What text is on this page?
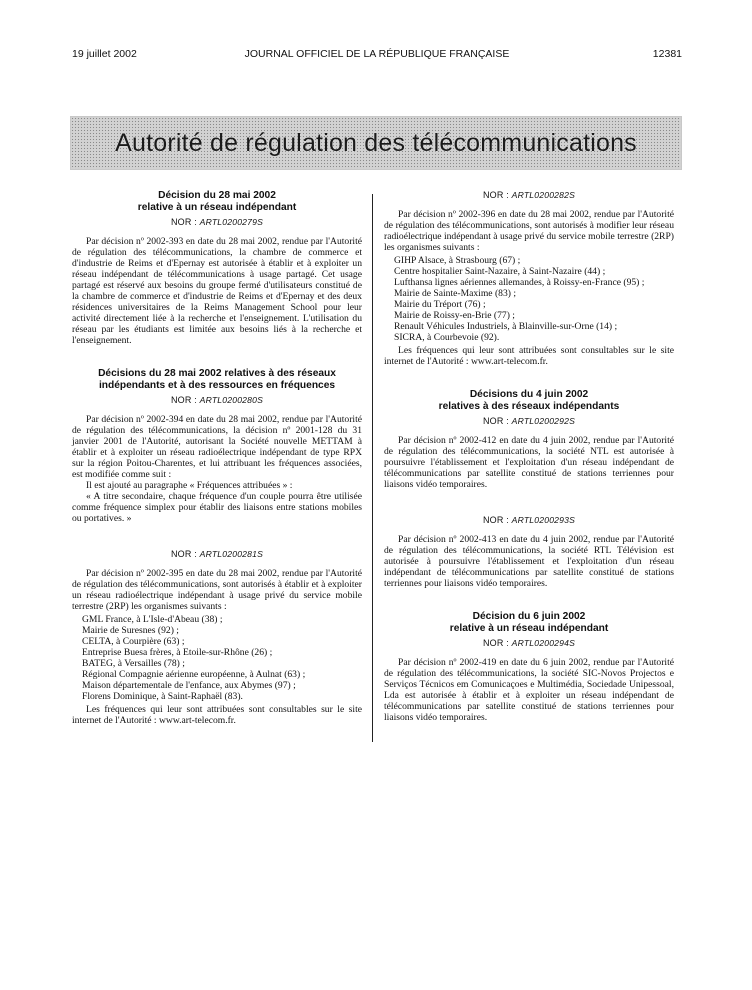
19 juillet 2002	JOURNAL OFFICIEL DE LA RÉPUBLIQUE FRANÇAISE	12381
Autorité de régulation des télécommunications
Décision du 28 mai 2002
relative à un réseau indépendant
NOR : ARTL0200279S

Par décision nº 2002-393 en date du 28 mai 2002, rendue par l'Autorité de régulation des télécommunications, la chambre de commerce et d'industrie de Reims et d'Epernay est autorisée à établir et à exploiter un réseau indépendant de télécommunications à usage partagé. Cet usage partagé est réservé aux besoins du groupe fermé d'utilisateurs constitué de la chambre de commerce et d'industrie de Reims et d'Epernay et des deux résidences universitaires de la Reims Management School pour leur activité directement liée à la recherche et l'enseignement. L'utilisation du réseau par les étudiants est limitée aux besoins liés à la recherche et l'enseignement.

Décisions du 28 mai 2002 relatives à des réseaux
indépendants et à des ressources en fréquences
NOR : ARTL0200280S

Par décision nº 2002-394 en date du 28 mai 2002, rendue par l'Autorité de régulation des télécommunications, la décision nº 2001-128 du 31 janvier 2001 de l'Autorité, autorisant la Société nouvelle METTAM à établir et à exploiter un réseau radioélectrique indépendant de type RPX sur la région Poitou-Charentes, et lui attribuant les fréquences associées, est modifiée comme suit :

Il est ajouté au paragraphe « Fréquences attribuées » :

« A titre secondaire, chaque fréquence d'un couple pourra être utilisée comme fréquence simplex pour établir des liaisons entre stations mobiles ou portatives. »

NOR : ARTL0200281S

Par décision nº 2002-395 en date du 28 mai 2002, rendue par l'Autorité de régulation des télécommunications, sont autorisés à établir et à exploiter un réseau radioélectrique indépendant à usage privé du service mobile terrestre (2RP) les organismes suivants :

GML France, à L'Isle-d'Abeau (38) ;
Mairie de Suresnes (92) ;
CELTA, à Courpière (63) ;
Entreprise Buesa frères, à Etoile-sur-Rhône (26) ;
BATEG, à Versailles (78) ;
Régional Compagnie aérienne européenne, à Aulnat (63) ;
Maison départementale de l'enfance, aux Abymes (97) ;
Florens Dominique, à Saint-Raphaël (83).

Les fréquences qui leur sont attribuées sont consultables sur le site internet de l'Autorité : www.art-telecom.fr.

NOR : ARTL0200282S

Par décision nº 2002-396 en date du 28 mai 2002, rendue par l'Autorité de régulation des télécommunications, sont autorisés à modifier leur réseau radioélectrique indépendant à usage privé du service mobile terrestre (2RP) les organismes suivants :

GIHP Alsace, à Strasbourg (67) ;
Centre hospitalier Saint-Nazaire, à Saint-Nazaire (44) ;
Lufthansa lignes aériennes allemandes, à Roissy-en-France (95) ;
Mairie de Sainte-Maxime (83) ;
Mairie du Tréport (76) ;
Mairie de Roissy-en-Brie (77) ;
Renault Véhicules Industriels, à Blainville-sur-Orne (14) ;
SICRA, à Courbevoie (92).

Les fréquences qui leur sont attribuées sont consultables sur le site internet de l'Autorité : www.art-telecom.fr.

Décisions du 4 juin 2002
relatives à des réseaux indépendants
NOR : ARTL0200292S

Par décision nº 2002-412 en date du 4 juin 2002, rendue par l'Autorité de régulation des télécommunications, la société NTL est autorisée à poursuivre l'établissement et l'exploitation d'un réseau indépendant de télécommunications par satellite constitué de stations terriennes pour liaisons vidéo temporaires.

NOR : ARTL0200293S

Par décision nº 2002-413 en date du 4 juin 2002, rendue par l'Autorité de régulation des télécommunications, la société RTL Télévision est autorisée à poursuivre l'établissement et l'exploitation d'un réseau indépendant de télécommunications par satellite constitué de stations terriennes pour liaisons vidéo temporaires.

Décision du 6 juin 2002
relative à un réseau indépendant
NOR : ARTL0200294S

Par décision nº 2002-419 en date du 6 juin 2002, rendue par l'Autorité de régulation des télécommunications, la société SIC-Novos Projectos e Serviços Técnicos em Comunicaçoes e Multimédia, Sociedade Unipessoal, Lda est autorisée à établir et à exploiter un réseau indépendant de télécommunications par satellite constitué de stations terriennes pour liaisons vidéo temporaires.
